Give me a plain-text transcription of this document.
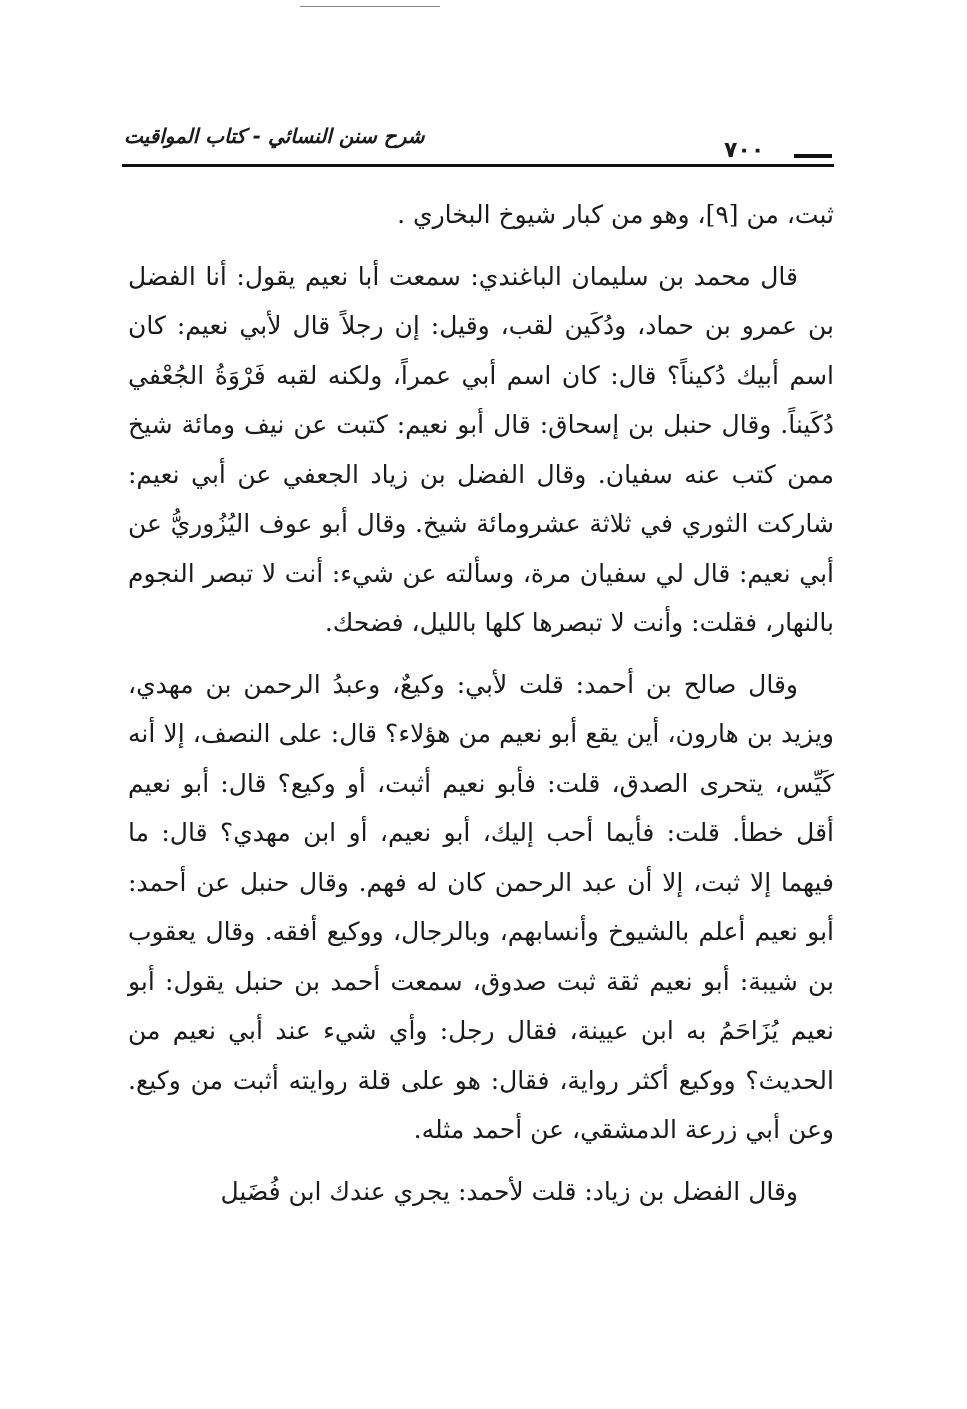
شرح سنن النسائي - كتاب المواقيت
٧٠٠

ثبت، من [٩]، وهو من كبار شيوخ البخاري .

قال محمد بن سليمان الباغندي: سمعت أبا نعيم يقول: أنا الفضل بن عمرو بن حماد، ودُكَين لقب، وقيل: إن رجلاً قال لأبي نعيم: كان اسم أبيك دُكيناً؟ قال: كان اسم أبي عمراً، ولكنه لقبه فَرْوَةُ الجُعْفي دُكَيناً. وقال حنبل بن إسحاق: قال أبو نعيم: كتبت عن نيف ومائة شيخ ممن كتب عنه سفيان. وقال الفضل بن زياد الجعفي عن أبي نعيم: شاركت الثوري في ثلاثة عشرومائة شيخ. وقال أبو عوف اليُزُوريُّ عن أبي نعيم: قال لي سفيان مرة، وسألته عن شيء: أنت لا تبصر النجوم بالنهار، فقلت: وأنت لا تبصرها كلها بالليل، فضحك.

وقال صالح بن أحمد: قلت لأبي: وكيعٌ، وعبدُ الرحمن بن مهدي، ويزيد بن هارون، أين يقع أبو نعيم من هؤلاء؟ قال: على النصف، إلا أنه كَيِّس، يتحرى الصدق، قلت: فأبو نعيم أثبت، أو وكيع؟ قال: أبو نعيم أقل خطأ. قلت: فأيما أحب إليك، أبو نعيم، أو ابن مهدي؟ قال: ما فيهما إلا ثبت، إلا أن عبد الرحمن كان له فهم. وقال حنبل عن أحمد: أبو نعيم أعلم بالشيوخ وأنسابهم، وبالرجال، ووكيع أفقه. وقال يعقوب بن شيبة: أبو نعيم ثقة ثبت صدوق، سمعت أحمد بن حنبل يقول: أبو نعيم يُزَاحَمُ به ابن عيينة، فقال رجل: وأي شيء عند أبي نعيم من الحديث؟ ووكيع أكثر رواية، فقال: هو على قلة روايته أثبت من وكيع. وعن أبي زرعة الدمشقي، عن أحمد مثله.

وقال الفضل بن زياد: قلت لأحمد: يجري عندك ابن فُضَيل
